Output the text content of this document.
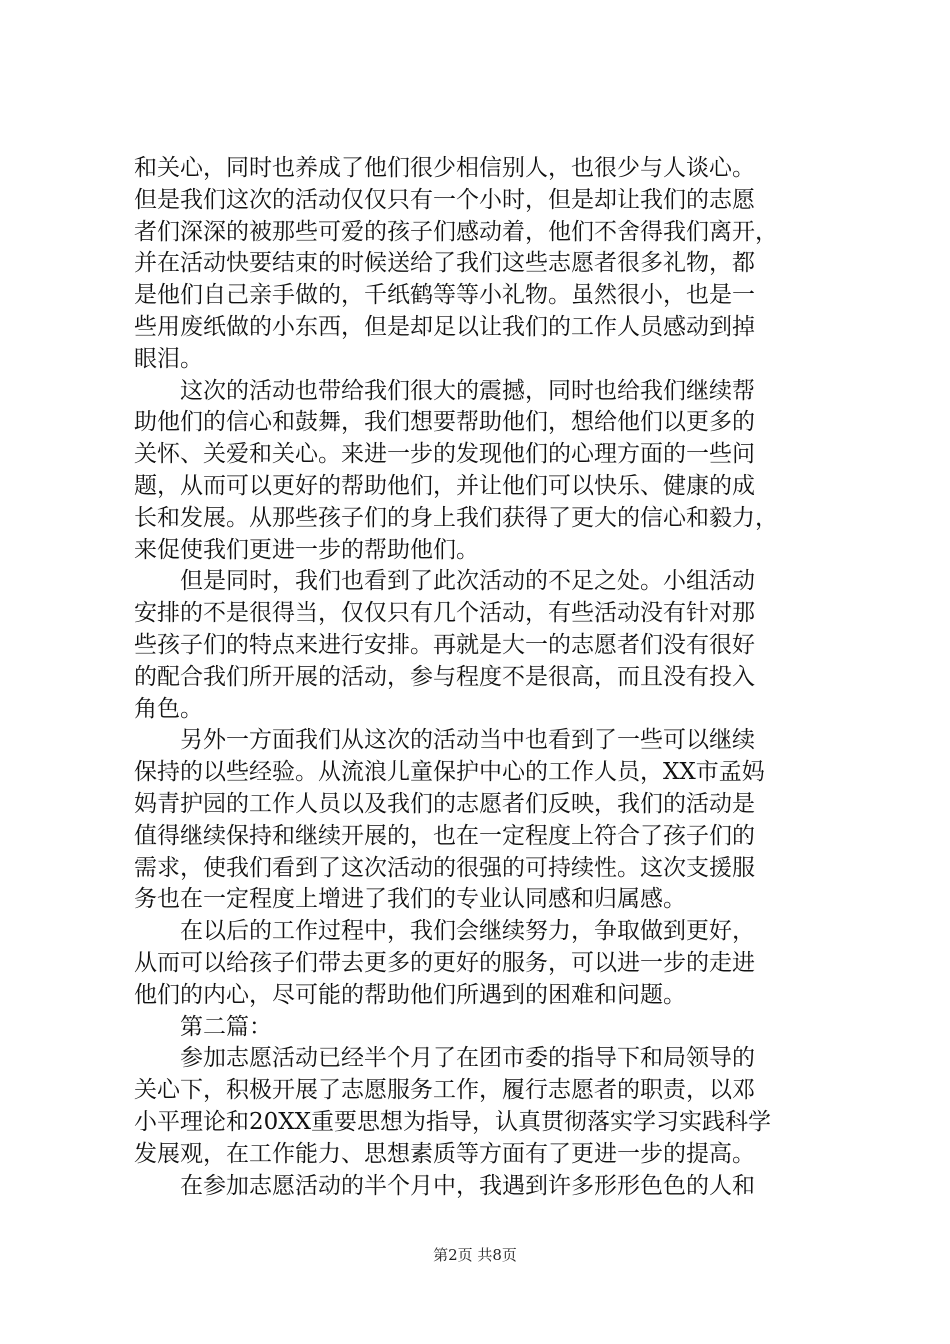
和关心，同时也养成了他们很少相信别人，也很少与人谈心。
但是我们这次的活动仅仅只有一个小时，但是却让我们的志愿
者们深深的被那些可爱的孩子们感动着，他们不舍得我们离开，
并在活动快要结束的时候送给了我们这些志愿者很多礼物，都
是他们自己亲手做的，千纸鹤等等小礼物。虽然很小，也是一
些用废纸做的小东西，但是却足以让我们的工作人员感动到掉
眼泪。
　　这次的活动也带给我们很大的震撼，同时也给我们继续帮
助他们的信心和鼓舞，我们想要帮助他们，想给他们以更多的
关怀、关爱和关心。来进一步的发现他们的心理方面的一些问
题，从而可以更好的帮助他们，并让他们可以快乐、健康的成
长和发展。从那些孩子们的身上我们获得了更大的信心和毅力，
来促使我们更进一步的帮助他们。
　　但是同时，我们也看到了此次活动的不足之处。小组活动
安排的不是很得当，仅仅只有几个活动，有些活动没有针对那
些孩子们的特点来进行安排。再就是大一的志愿者们没有很好
的配合我们所开展的活动，参与程度不是很高，而且没有投入
角色。
　　另外一方面我们从这次的活动当中也看到了一些可以继续
保持的以些经验。从流浪儿童保护中心的工作人员，XX市孟妈
妈青护园的工作人员以及我们的志愿者们反映，我们的活动是
值得继续保持和继续开展的，也在一定程度上符合了孩子们的
需求，使我们看到了这次活动的很强的可持续性。这次支援服
务也在一定程度上增进了我们的专业认同感和归属感。
　　在以后的工作过程中，我们会继续努力，争取做到更好，
从而可以给孩子们带去更多的更好的服务，可以进一步的走进
他们的内心，尽可能的帮助他们所遇到的困难和问题。
　　第二篇：
　　参加志愿活动已经半个月了在团市委的指导下和局领导的
关心下，积极开展了志愿服务工作，履行志愿者的职责，以邓
小平理论和20XX重要思想为指导，认真贯彻落实学习实践科学
发展观，在工作能力、思想素质等方面有了更进一步的提高。
　　在参加志愿活动的半个月中，我遇到许多形形色色的人和
第2页 共8页
